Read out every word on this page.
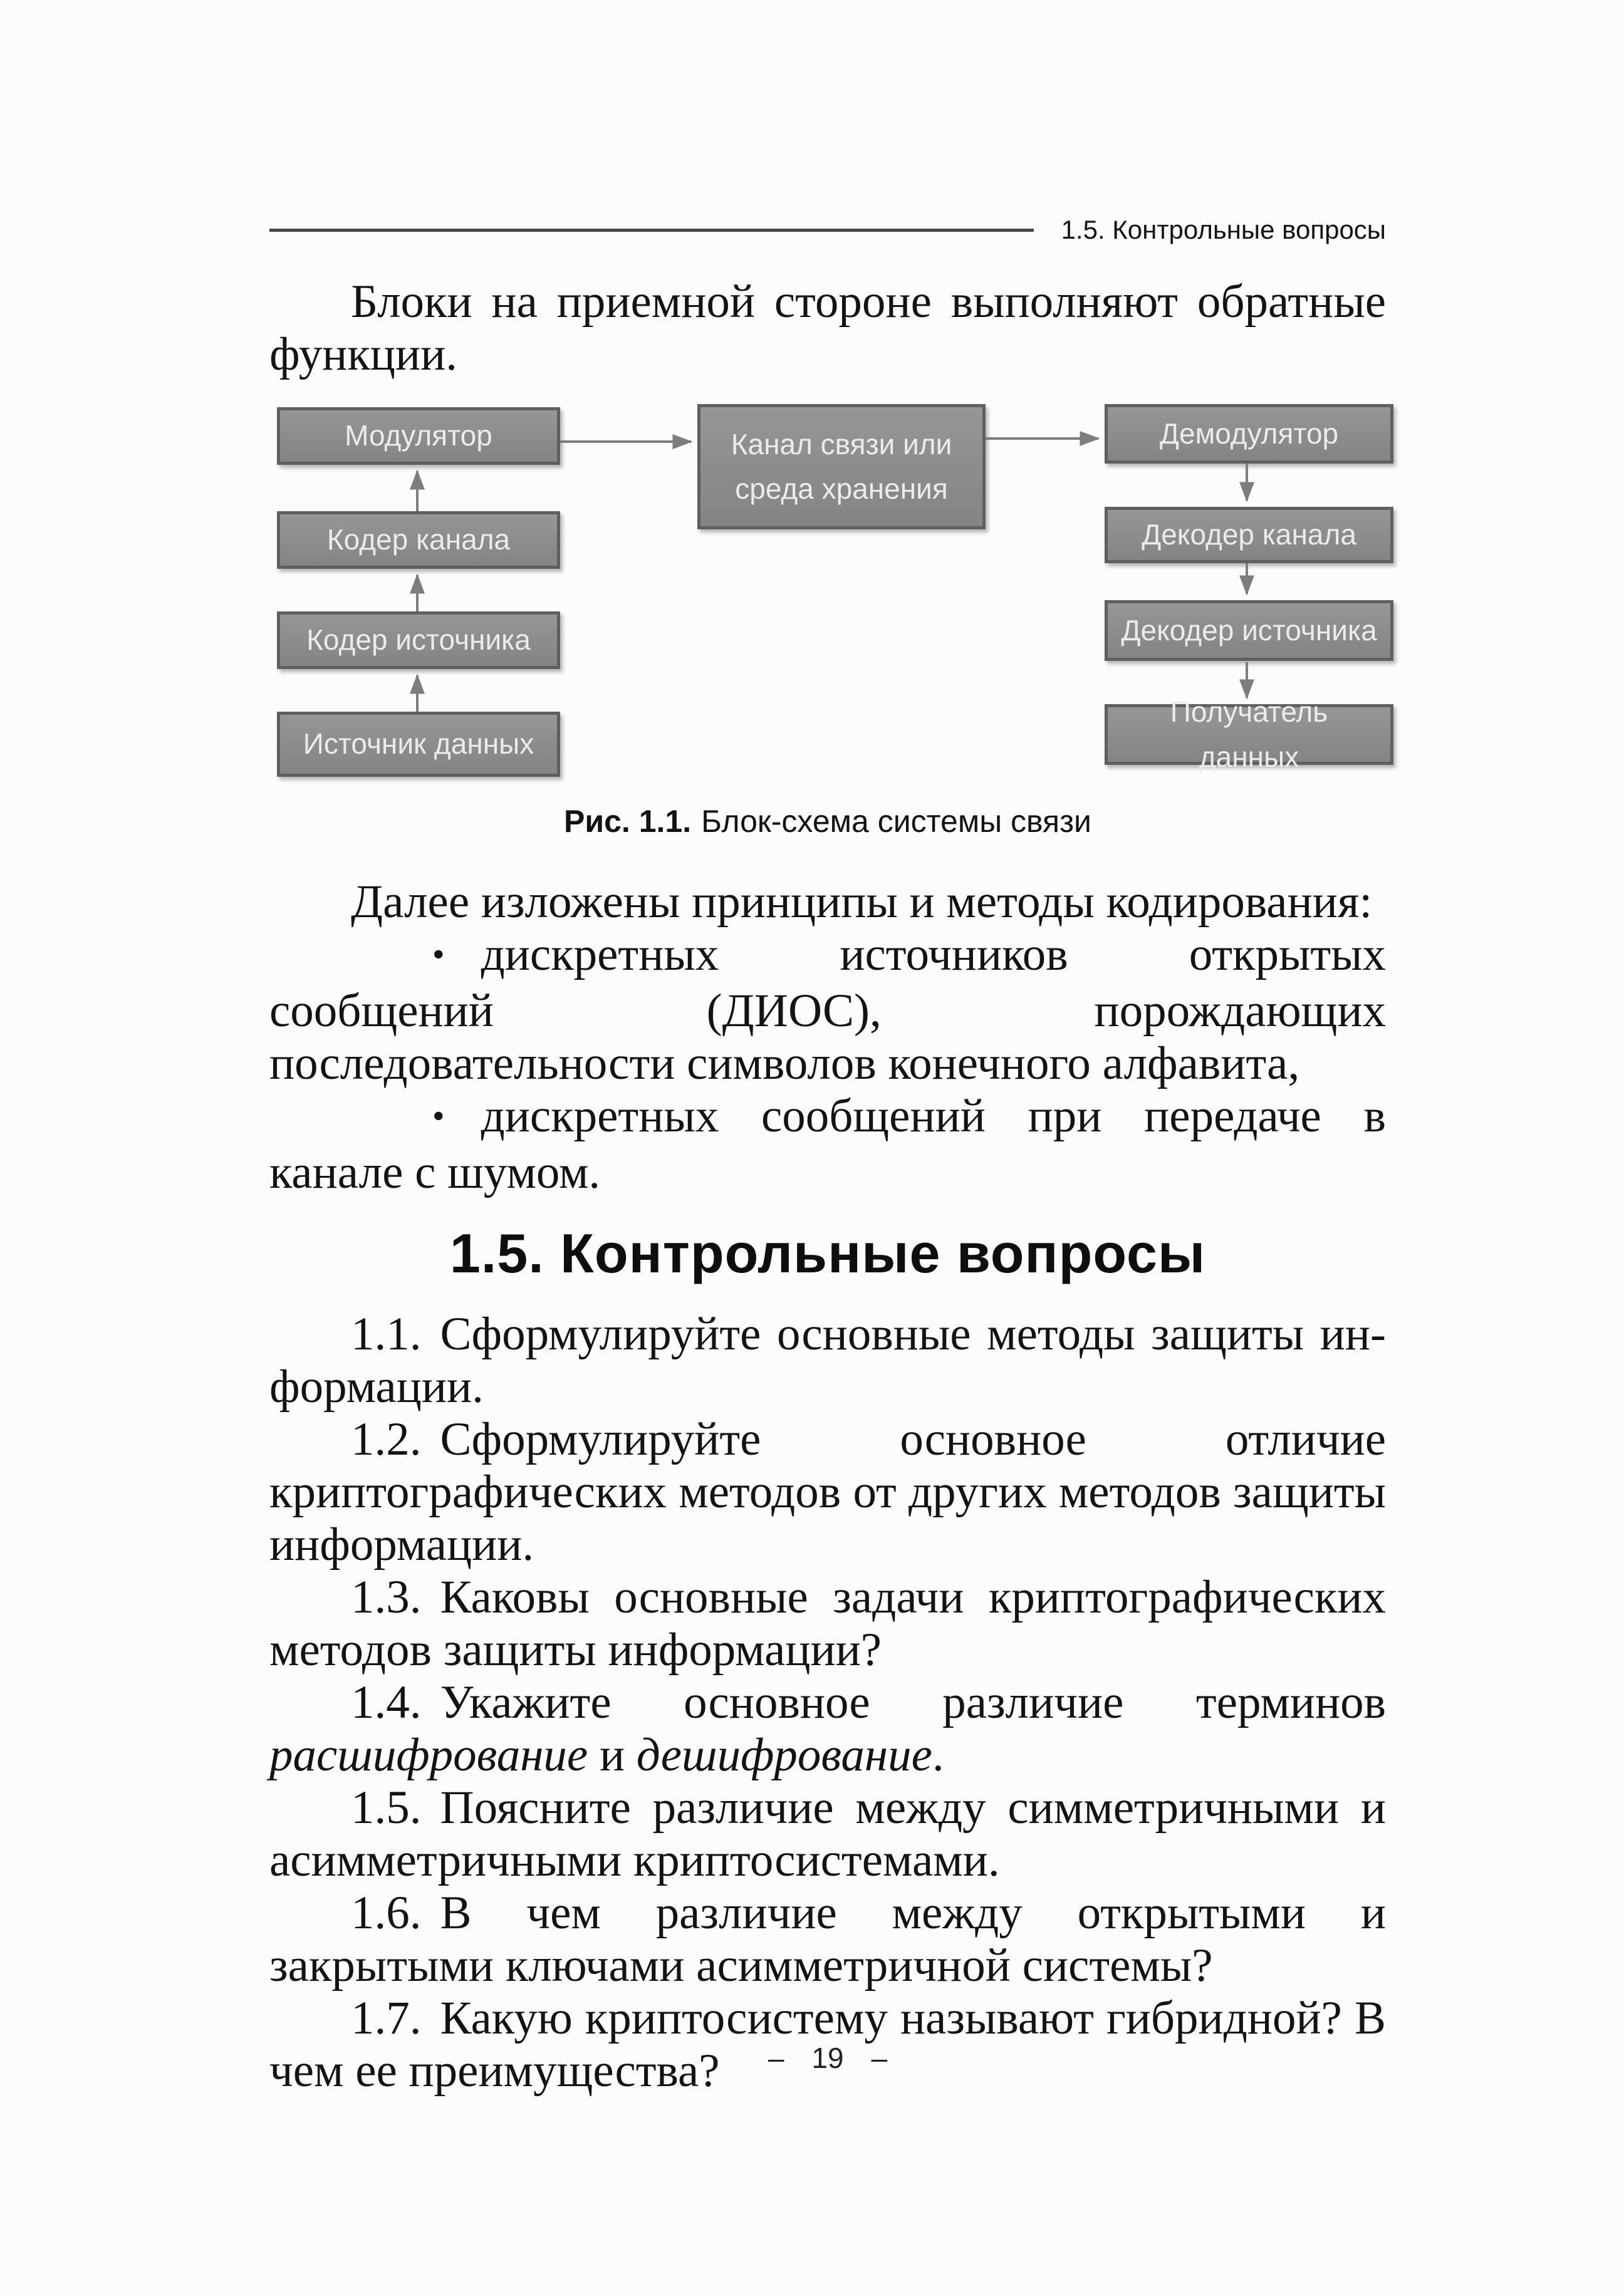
1.5. Контрольные вопросы

Блоки на приемной стороне выполняют обратные функции.

Модулятор
Кодер канала
Кодер источника
Источник данных
Канал связи или среда хранения
Демодулятор
Декодер канала
Декодер источника
Получатель данных
Рис. 1.1. Блок-схема системы связи

Далее изложены принципы и методы кодирования:

• дискретных источников открытых сообщений (ДИОС), порождающих последовательности символов конечного алфавита,

• дискретных сообщений при передаче в канале с шумом.

1.5. Контрольные вопросы

1.1. Сформулируйте основные методы защиты информации.

1.2. Сформулируйте основное отличие криптографических методов от других методов защиты информации.

1.3. Каковы основные задачи криптографических методов защиты информации?

1.4. Укажите основное различие терминов расшифрование и дешифрование.

1.5. Поясните различие между симметричными и асимметричными криптосистемами.

1.6. В чем различие между открытыми и закрытыми ключами асимметричной системы?

1.7. Какую криптосистему называют гибридной? В чем ее преимущества?	– 19 –
